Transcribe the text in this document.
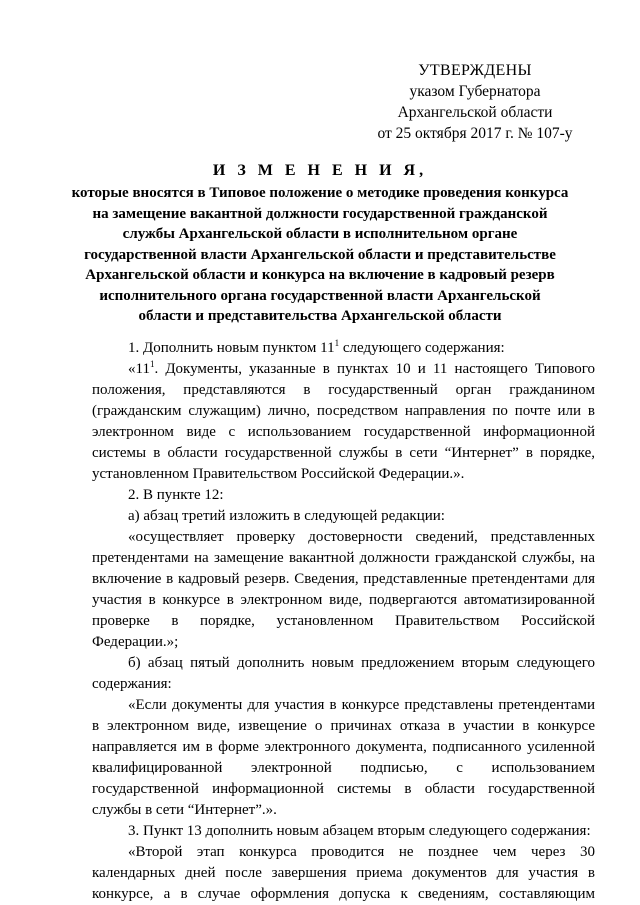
УТВЕРЖДЕНЫ
указом Губернатора
Архангельской области
от 25 октября 2017 г. № 107-у
И З М Е Н Е Н И Я,
которые вносятся в Типовое положение о методике проведения конкурса
на замещение вакантной должности государственной гражданской
службы Архангельской области в исполнительном органе
государственной власти Архангельской области и представительстве
Архангельской области и конкурса на включение в кадровый резерв
исполнительного органа государственной власти Архангельской
области и представительства Архангельской области

1. Дополнить новым пунктом $11^1$ следующего содержания:

«$11^1$. Документы, указанные в пунктах 10 и 11 настоящего Типового положения, представляются в государственный орган гражданином (гражданским служащим) лично, посредством направления по почте или в электронном виде с использованием государственной информационной системы в области государственной службы в сети “Интернет” в порядке, установленном Правительством Российской Федерации.».

2. В пункте 12:

а) абзац третий изложить в следующей редакции:

«осуществляет проверку достоверности сведений, представленных претендентами на замещение вакантной должности гражданской службы, на включение в кадровый резерв. Сведения, представленные претендентами для участия в конкурсе в электронном виде, подвергаются автоматизированной проверке в порядке, установленном Правительством Российской Федерации.»;

б) абзац пятый дополнить новым предложением вторым следующего содержания:

«Если документы для участия в конкурсе представлены претендентами в электронном виде, извещение о причинах отказа в участии в конкурсе направляется им в форме электронного документа, подписанного усиленной квалифицированной электронной подписью, с использованием государственной информационной системы в области государственной службы в сети “Интернет”.».

3. Пункт 13 дополнить новым абзацем вторым следующего содержания:

«Второй этап конкурса проводится не позднее чем через 30 календарных дней после завершения приема документов для участия в конкурсе, а в случае оформления допуска к сведениям, составляющим
